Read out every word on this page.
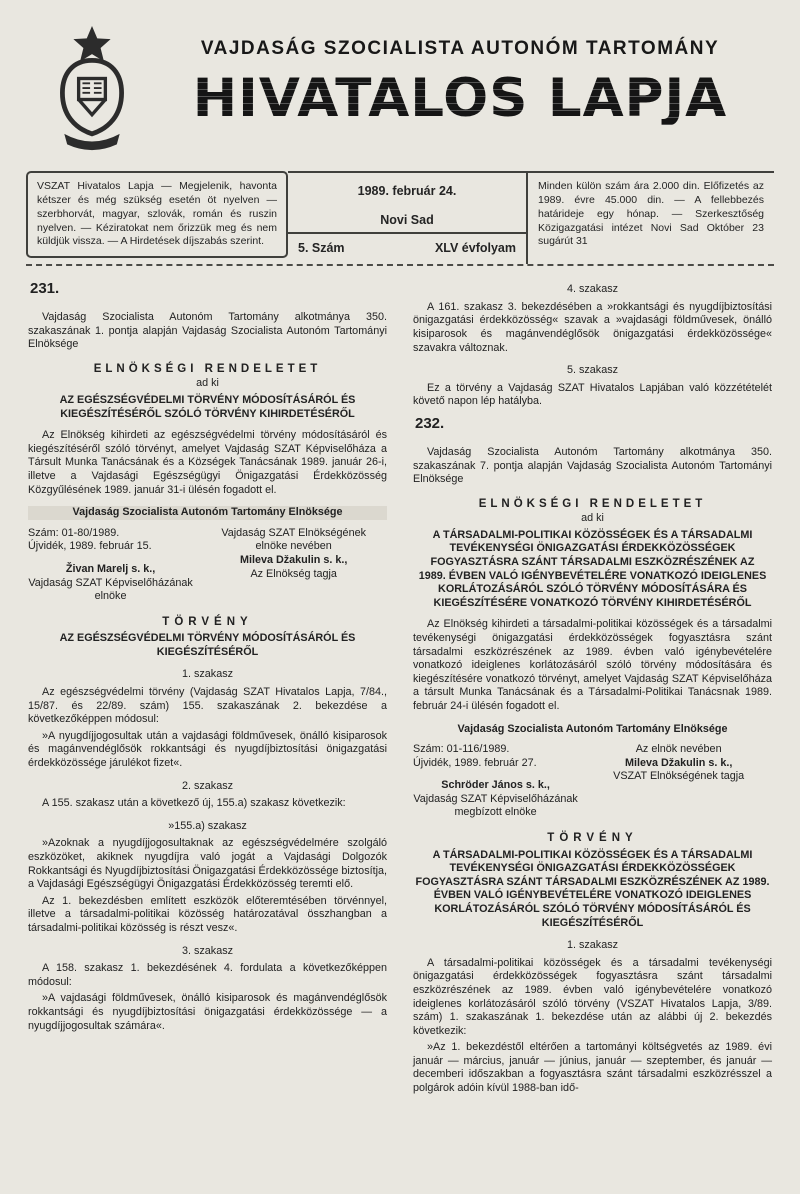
VAJDASÁG SZOCIALISTA AUTONÓM TARTOMÁNY
HIVATALOS LAPJA
VSZAT Hivatalos Lapja — Megjelenik, havonta kétszer és még szükség esetén öt nyelven — szerbhorvát, magyar, szlovák, román és ruszin nyelven. — Kéziratokat nem őrizzük meg és nem küldjük vissza. — A Hirdetések díjszabás szerint.
1989. február 24.
Novi Sad
5. Szám	XLV évfolyam
Minden külön szám ára 2.000 din. Előfizetés az 1989. évre 45.000 din. — A fellebbezés határideje egy hónap. — Szerkesztőség Közigazgatási intézet Novi Sad Október 23 sugárút 31
231.

Vajdaság Szocialista Autonóm Tartomány alkotmánya 350. szakaszának 1. pontja alapján Vajdaság Szocialista Autonóm Tartományi Elnöksége

ELNÖKSÉGI RENDELETET
ad ki
AZ EGÉSZSÉGVÉDELMI TÖRVÉNY MÓDOSÍTÁSÁRÓL ÉS KIEGÉSZÍTÉSÉRŐL SZÓLÓ TÖRVÉNY KIHIRDETÉSÉRŐL

Az Elnökség kihirdeti az egészségvédelmi törvény módosításáról és kiegészítéséről szóló törvényt, amelyet Vajdaság SZAT Képviselőháza a Társult Munka Tanácsának és a Községek Tanácsának 1989. január 26-i, illetve a Vajdasági Egészségügyi Önigazgatási Érdekközösség Közgyűlésének 1989. január 31-i ülésén fogadott el.

Vajdaság Szocialista Autonóm Tartomány Elnöksége
Szám: 01-80/1989.
Újvidék, 1989. február 15.
Živan Marelj s. k.,
Vajdaság SZAT Képviselőházának
elnöke
Vajdaság SZAT Elnökségének
elnöke nevében
Mileva Džakulin s. k.,
Az Elnökség tagja
TÖRVÉNY
AZ EGÉSZSÉGVÉDELMI TÖRVÉNY MÓDOSÍTÁSÁRÓL ÉS KIEGÉSZÍTÉSÉRŐL
1. szakasz

Az egészségvédelmi törvény (Vajdaság SZAT Hivatalos Lapja, 7/84., 15/87. és 22/89. szám) 155. szakaszának 2. bekezdése a következőképpen módosul:

»A nyugdíjjogosultak után a vajdasági földművesek, önálló kisiparosok és magánvendéglősök rokkantsági és nyugdíjbiztosítási önigazgatási érdekközössége járulékot fizet«.

2. szakasz

A 155. szakasz után a következő új, 155.a) szakasz következik:

»155.a) szakasz

»Azoknak a nyugdíjjogosultaknak az egészségvédelmére szolgáló eszközöket, akiknek nyugdíjra való jogát a Vajdasági Dolgozók Rokkantsági és Nyugdíjbiztosítási Önigazgatási Érdekközössége biztosítja, a Vajdasági Egészségügyi Önigazgatási Érdekközösség teremti elő.

Az 1. bekezdésben említett eszközök előteremtésében törvénnyel, illetve a társadalmi-politikai közösség határozatával összhangban a társadalmi-politikai közösség is részt vesz«.

3. szakasz

A 158. szakasz 1. bekezdésének 4. fordulata a következőképpen módosul:

»A vajdasági földművesek, önálló kisiparosok és magánvendéglősök rokkantsági és nyugdíjbiztosítási önigazgatási érdekközössége — a nyugdíjjogosultak számára«.

4. szakasz

A 161. szakasz 3. bekezdésében a »rokkantsági és nyugdíjbiztosítási önigazgatási érdekközösség« szavak a »vajdasági földművesek, önálló kisiparosok és magánvendéglősök önigazgatási érdekközössége« szavakra változnak.

5. szakasz

Ez a törvény a Vajdaság SZAT Hivatalos Lapjában való közzétételét követő napon lép hatályba.

232.

Vajdaság Szocialista Autonóm Tartomány alkotmánya 350. szakaszának 7. pontja alapján Vajdaság Szocialista Autonóm Tartományi Elnöksége

ELNÖKSÉGI RENDELETET
ad ki
A TÁRSADALMI-POLITIKAI KÖZÖSSÉGEK ÉS A TÁRSADALMI TEVÉKENYSÉGI ÖNIGAZGATÁSI ÉRDEKKÖZÖSSÉGEK FOGYASZTÁSRA SZÁNT TÁRSADALMI ESZKÖZRÉSZÉNEK AZ 1989. ÉVBEN VALÓ IGÉNYBEVÉTELÉRE VONATKOZÓ IDEIGLENES KORLÁTOZÁSÁRÓL SZÓLÓ TÖRVÉNY MÓDOSÍTÁSÁRA ÉS KIEGÉSZÍTÉSÉRE VONATKOZÓ TÖRVÉNY KIHIRDETÉSÉRŐL

Az Elnökség kihirdeti a társadalmi-politikai közösségek és a társadalmi tevékenységi önigazgatási érdekközösségek fogyasztásra szánt társadalmi eszközrészének az 1989. évben való igénybevételére vonatkozó ideiglenes korlátozásáról szóló törvény módosítására és kiegészítésére vonatkozó törvényt, amelyet Vajdaság SZAT Képviselőháza a társult Munka Tanácsának és a Társadalmi-Politikai Tanácsnak 1989. február 24-i ülésén fogadott el.

Vajdaság Szocialista Autonóm Tartomány Elnöksége
Szám: 01-116/1989.
Újvidék, 1989. február 27.
Schröder János s. k.,
Vajdaság SZAT Képviselőházának
megbízott elnöke
Az elnök nevében
Mileva Džakulin s. k.,
VSZAT Elnökségének tagja
TÖRVÉNY
A TÁRSADALMI-POLITIKAI KÖZÖSSÉGEK ÉS A TÁRSADALMI TEVÉKENYSÉGI ÖNIGAZGATÁSI ÉRDEKKÖZÖSSÉGEK FOGYASZTÁSRA SZÁNT TÁRSADALMI ESZKÖZRÉSZÉNEK AZ 1989. ÉVBEN VALÓ IGÉNYBEVÉTELÉRE VONATKOZÓ IDEIGLENES KORLÁTOZÁSÁRÓL SZÓLÓ TÖRVÉNY MÓDOSÍTÁSÁRÓL ÉS KIEGÉSZÍTÉSÉRŐL
1. szakasz

A társadalmi-politikai közösségek és a társadalmi tevékenységi önigazgatási érdekközösségek fogyasztásra szánt társadalmi eszközrészének az 1989. évben való igénybevételére vonatkozó ideiglenes korlátozásáról szóló törvény (VSZAT Hivatalos Lapja, 3/89. szám) 1. szakaszának 1. bekezdése után az alábbi új 2. bekezdés következik:

»Az 1. bekezdéstől eltérően a tartományi költségvetés az 1989. évi január — március, január — június, január — szeptember, és január — decemberi időszakban a fogyasztásra szánt társadalmi eszközrésszel a polgárok adóin kívül 1988-ban idő-
